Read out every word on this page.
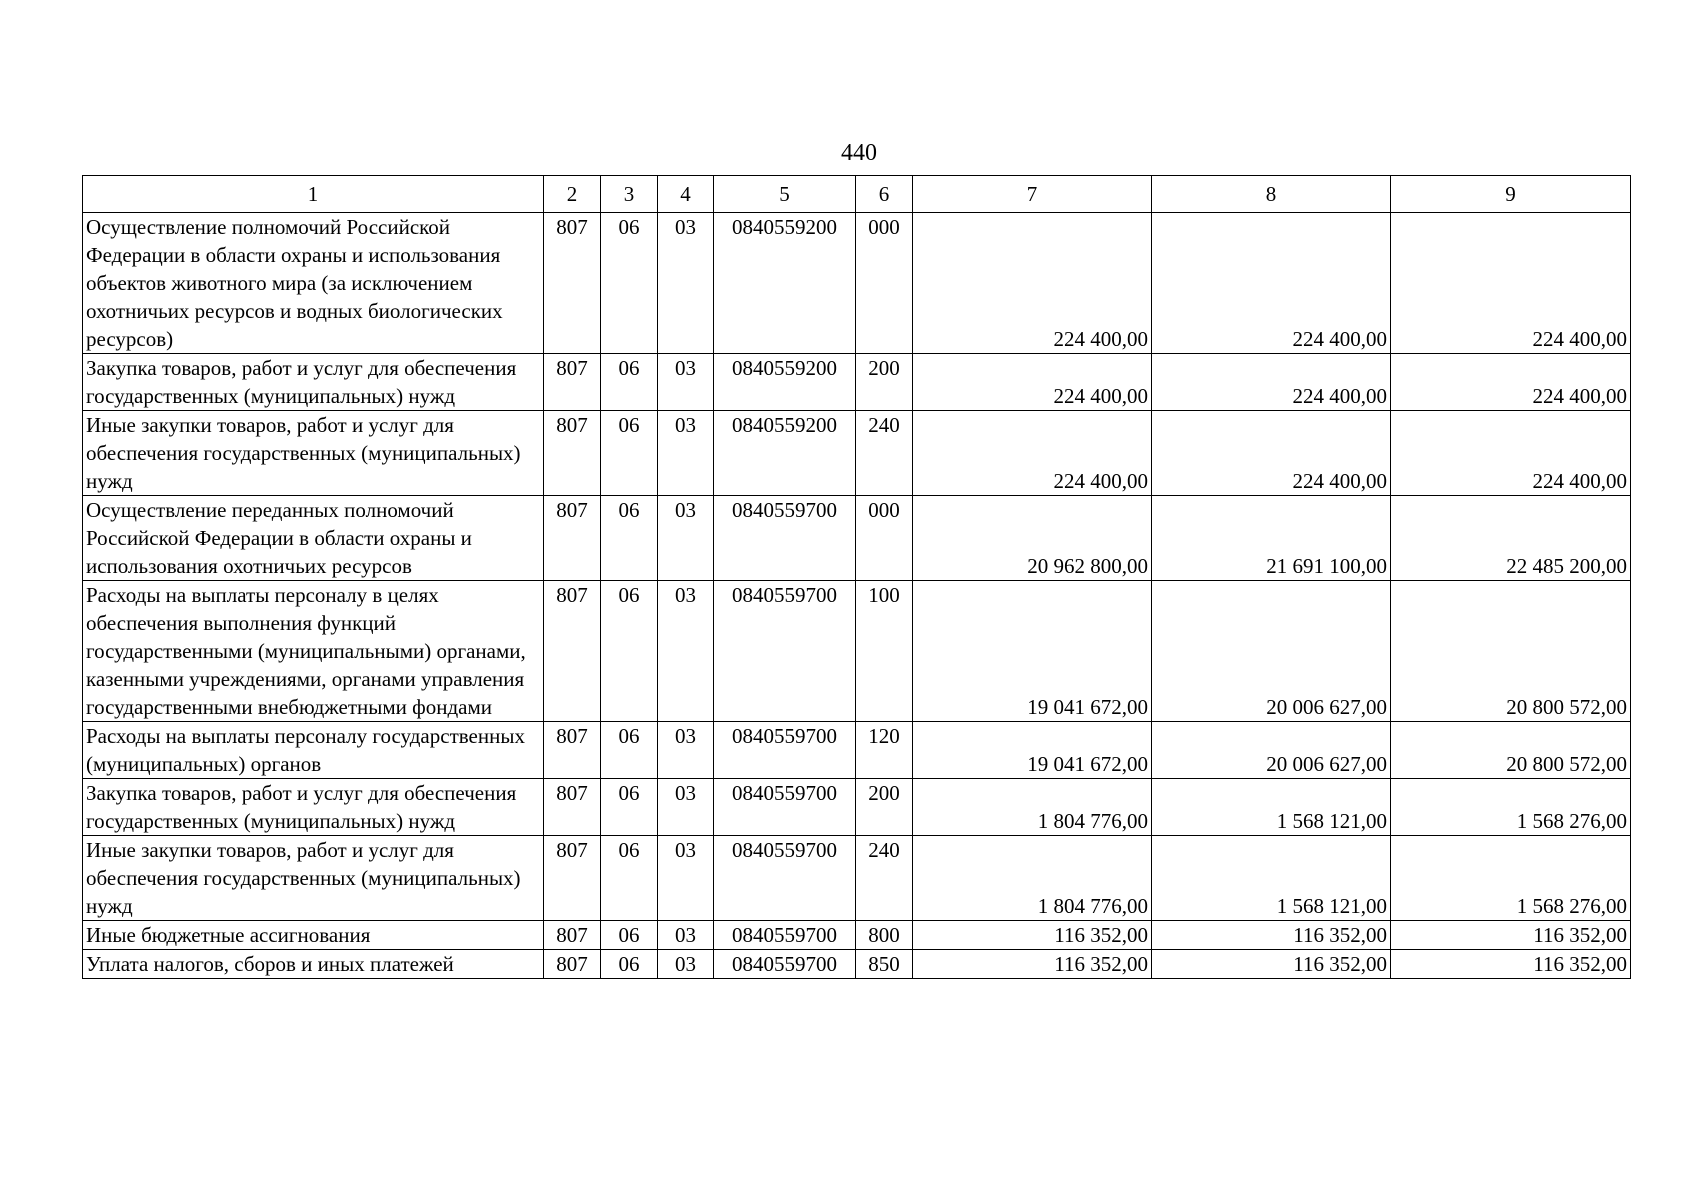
440
1	2	3	4	5	6	7	8	9
Осуществление полномочий Российской Федерации в области охраны и использования объектов животного мира (за исключением охотничьих ресурсов и водных биологических ресурсов)	807	06	03	0840559200	000	224 400,00	224 400,00	224 400,00
Закупка товаров, работ и услуг для обеспечения государственных (муниципальных) нужд	807	06	03	0840559200	200	224 400,00	224 400,00	224 400,00
Иные закупки товаров, работ и услуг для обеспечения государственных (муниципальных) нужд	807	06	03	0840559200	240	224 400,00	224 400,00	224 400,00
Осуществление переданных полномочий Российской Федерации в области охраны и использования охотничьих ресурсов	807	06	03	0840559700	000	20 962 800,00	21 691 100,00	22 485 200,00
Расходы на выплаты персоналу в целях обеспечения выполнения функций государственными (муниципальными) органами, казенными учреждениями, органами управления государственными внебюджетными фондами	807	06	03	0840559700	100	19 041 672,00	20 006 627,00	20 800 572,00
Расходы на выплаты персоналу государственных (муниципальных) органов	807	06	03	0840559700	120	19 041 672,00	20 006 627,00	20 800 572,00
Закупка товаров, работ и услуг для обеспечения государственных (муниципальных) нужд	807	06	03	0840559700	200	1 804 776,00	1 568 121,00	1 568 276,00
Иные закупки товаров, работ и услуг для обеспечения государственных (муниципальных) нужд	807	06	03	0840559700	240	1 804 776,00	1 568 121,00	1 568 276,00
Иные бюджетные ассигнования	807	06	03	0840559700	800	116 352,00	116 352,00	116 352,00
Уплата налогов, сборов и иных платежей	807	06	03	0840559700	850	116 352,00	116 352,00	116 352,00
